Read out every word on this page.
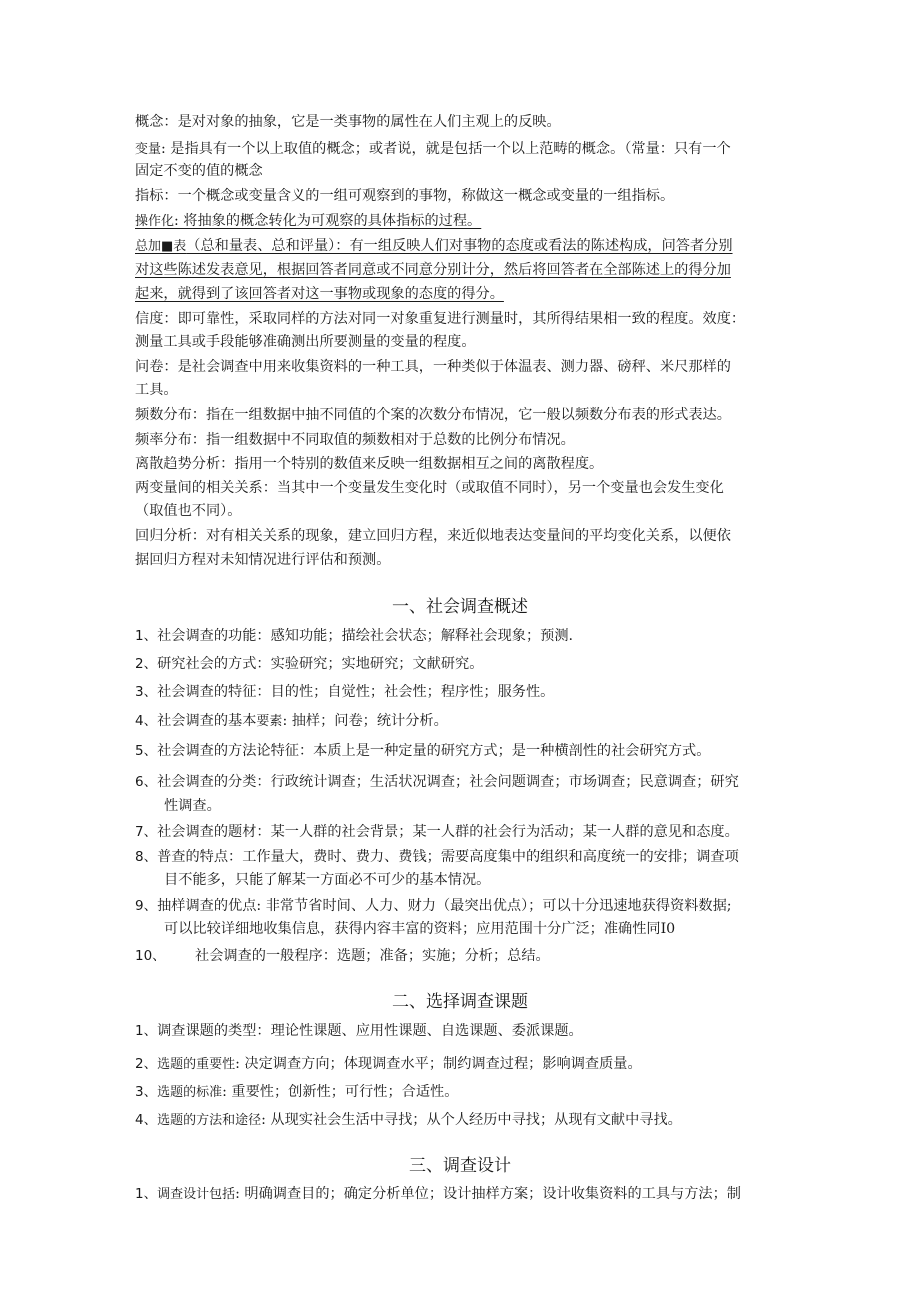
概念：是对对象的抽象，它是一类事物的属性在人们主观上的反映。
变量: 是指具有一个以上取值的概念；或者说，就是包括一个以上范畴的概念。（常量：只有一个
固定不变的值的概念
指标：一个概念或变量含义的一组可观察到的事物，称做这一概念或变量的一组指标。
操作化: 将抽象的概念转化为可观察的具体指标的过程。
总加■表（总和量表、总和评量）：有一组反映人们对事物的态度或看法的陈述构成，问答者分别
对这些陈述发表意见，根据回答者同意或不同意分别计分，然后将回答者在全部陈述上的得分加
起来，就得到了该回答者对这一事物或现象的态度的得分。
信度：即可靠性，采取同样的方法对同一对象重复进行测量时，其所得结果相一致的程度。效度：
测量工具或手段能够准确测出所要测量的变量的程度。
问卷：是社会调查中用来收集资料的一种工具，一种类似于体温表、测力器、磅秤、米尺那样的
工具。
频数分布：指在一组数据中抽不同值的个案的次数分布情况，它一般以频数分布表的形式表达。
频率分布：指一组数据中不同取值的频数相对于总数的比例分布情况。
离散趋势分析：指用一个特别的数值来反映一组数据相互之间的离散程度。
两变量间的相关关系：当其中一个变量发生变化时（或取值不同时），另一个变量也会发生变化
（取值也不同）。
回归分析：对有相关关系的现象，建立回归方程，来近似地表达变量间的平均变化关系，以便依
据回归方程对未知情况进行评估和预测。
一、社会调查概述
1、社会调查的功能：感知功能；描绘社会状态；解释社会现象；预测.
2、研究社会的方式：实验研究；实地研究；文献研究。
3、社会调查的特征：目的性；自觉性；社会性；程序性；服务性。
4、社会调查的基本要素: 抽样；问卷；统计分析。
5、社会调查的方法论特征：本质上是一种定量的研究方式；是一种横剖性的社会研究方式。
6、社会调查的分类：行政统计调查；生活状况调查；社会问题调查；市场调查；民意调查；研究
性调查。
7、社会调查的题材：某一人群的社会背景；某一人群的社会行为活动；某一人群的意见和态度。
8、普查的特点：工作量大，费时、费力、费钱；需要高度集中的组织和高度统一的安排；调查项
目不能多，只能了解某一方面必不可少的基本情况。
9、抽样调查的优点: 非常节省时间、人力、财力（最突出优点）；可以十分迅速地获得资料数据;
可以比较详细地收集信息，获得内容丰富的资料；应用范围十分广泛；准确性同I0
10、 社会调查的一般程序：选题；准备；实施；分析；总结。
二、选择调查课题
1、调查课题的类型：理论性课题、应用性课题、自选课题、委派课题。
2、选题的重要性: 决定调查方向；体现调查水平；制约调查过程；影响调查质量。
3、选题的标准: 重要性；创新性；可行性；合适性。
4、选题的方法和途径: 从现实社会生活中寻找；从个人经历中寻找；从现有文献中寻找。
三、调查设计
1、调查设计包括: 明确调查目的；确定分析单位；设计抽样方案；设计收集资料的工具与方法；制
